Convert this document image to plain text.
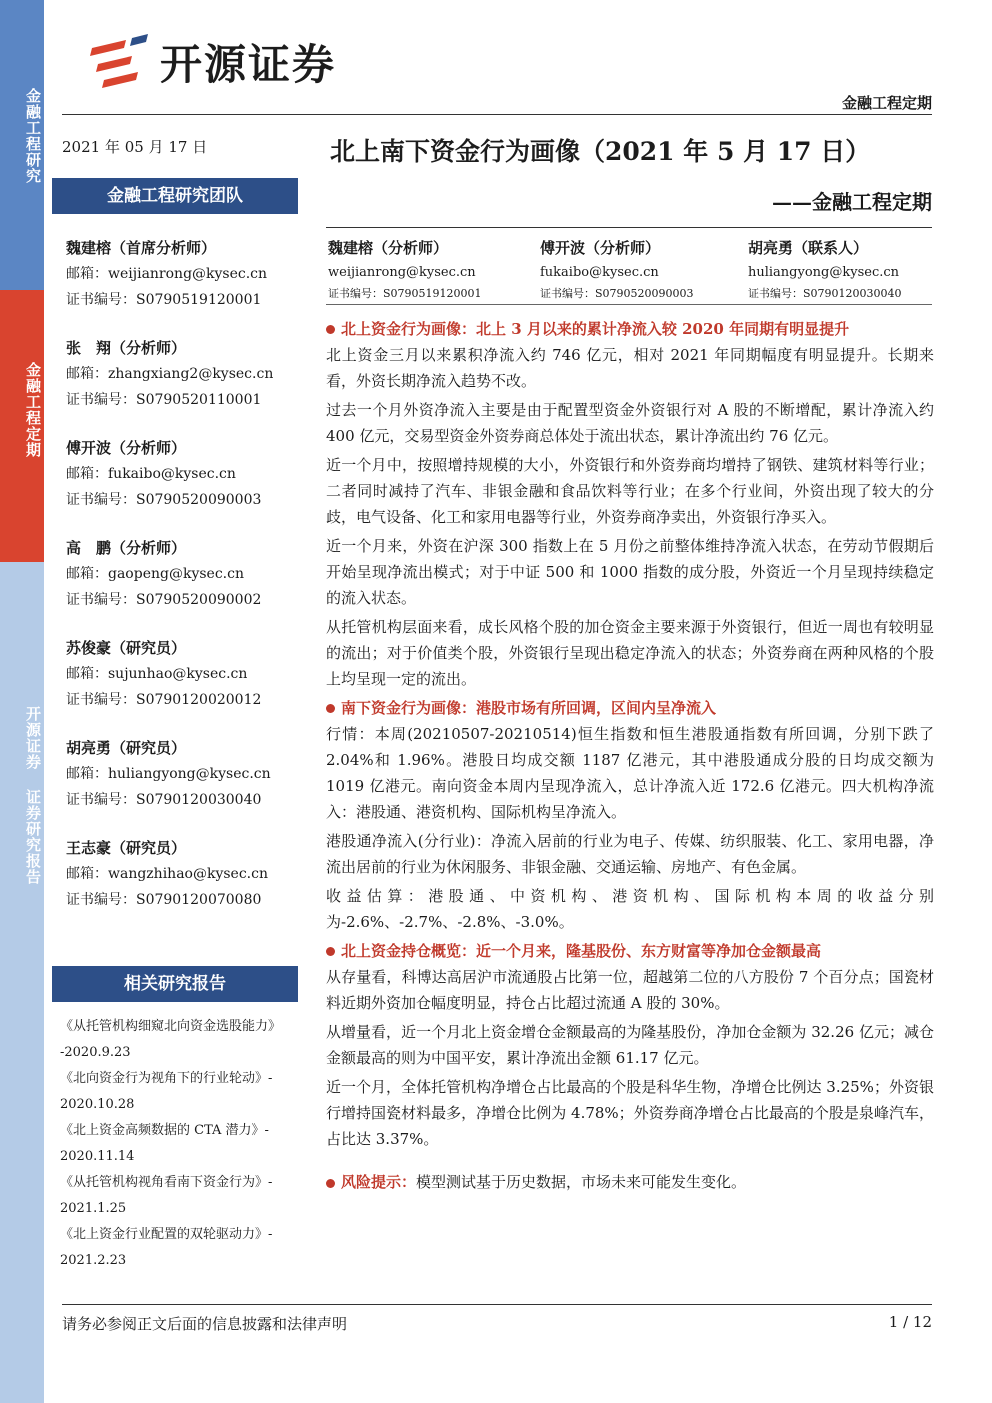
金融工程研究
金融工程定期
开源证券 证券研究报告
开源证券
金融工程定期
2021 年 05 月 17 日
金融工程研究团队
魏建榕（首席分析师）
邮箱：weijianrong@kysec.cn
证书编号：S0790519120001
张　翔（分析师）
邮箱：zhangxiang2@kysec.cn
证书编号：S0790520110001
傅开波（分析师）
邮箱：fukaibo@kysec.cn
证书编号：S0790520090003
高　鹏（分析师）
邮箱：gaopeng@kysec.cn
证书编号：S0790520090002
苏俊豪（研究员）
邮箱：sujunhao@kysec.cn
证书编号：S0790120020012
胡亮勇（研究员）
邮箱：huliangyong@kysec.cn
证书编号：S0790120030040
王志豪（研究员）
邮箱：wangzhihao@kysec.cn
证书编号：S0790120070080
相关研究报告
《从托管机构细窥北向资金选股能力》
-2020.9.23
《北向资金行为视角下的行业轮动》-
2020.10.28
《北上资金高频数据的 CTA 潜力》-
2020.11.14
《从托管机构视角看南下资金行为》-
2021.1.25
《北上资金行业配置的双轮驱动力》-
2021.2.23
北上南下资金行为画像（2021 年 5 月 17 日）
——金融工程定期
魏建榕（分析师）
weijianrong@kysec.cn
证书编号：S0790519120001
傅开波（分析师）
fukaibo@kysec.cn
证书编号：S0790520090003
胡亮勇（联系人）
huliangyong@kysec.cn
证书编号：S0790120030040
北上资金行为画像：北上 3 月以来的累计净流入较 2020 年同期有明显提升
北上资金三月以来累积净流入约 746 亿元，相对 2021 年同期幅度有明显提升。长期来看，外资长期净流入趋势不改。
过去一个月外资净流入主要是由于配置型资金外资银行对 A 股的不断增配，累计净流入约 400 亿元，交易型资金外资券商总体处于流出状态，累计净流出约 76 亿元。
近一个月中，按照增持规模的大小，外资银行和外资券商均增持了钢铁、建筑材料等行业；二者同时减持了汽车、非银金融和食品饮料等行业；在多个行业间，外资出现了较大的分歧，电气设备、化工和家用电器等行业，外资券商净卖出，外资银行净买入。
近一个月来，外资在沪深 300 指数上在 5 月份之前整体维持净流入状态，在劳动节假期后开始呈现净流出模式；对于中证 500 和 1000 指数的成分股，外资近一个月呈现持续稳定的流入状态。
从托管机构层面来看，成长风格个股的加仓资金主要来源于外资银行，但近一周也有较明显的流出；对于价值类个股，外资银行呈现出稳定净流入的状态；外资券商在两种风格的个股上均呈现一定的流出。
南下资金行为画像：港股市场有所回调，区间内呈净流入
行情：本周(20210507-20210514)恒生指数和恒生港股通指数有所回调，分别下跌了 2.04%和 1.96%。港股日均成交额 1187 亿港元，其中港股通成分股的日均成交额为 1019 亿港元。南向资金本周内呈现净流入，总计净流入近 172.6 亿港元。四大机构净流入：港股通、港资机构、国际机构呈净流入。
港股通净流入(分行业)：净流入居前的行业为电子、传媒、纺织服装、化工、家用电器，净流出居前的行业为休闲服务、非银金融、交通运输、房地产、有色金属。
收益估算：港股通、中资机构、港资机构、国际机构本周的收益分别为-2.6%、-2.7%、-2.8%、-3.0%。
北上资金持仓概览：近一个月来，隆基股份、东方财富等净加仓金额最高
从存量看，科博达高居沪市流通股占比第一位，超越第二位的八方股份 7 个百分点；国瓷材料近期外资加仓幅度明显，持仓占比超过流通 A 股的 30%。
从增量看，近一个月北上资金增仓金额最高的为隆基股份，净加仓金额为 32.26 亿元；减仓金额最高的则为中国平安，累计净流出金额 61.17 亿元。
近一个月，全体托管机构净增仓占比最高的个股是科华生物，净增仓比例达 3.25%；外资银行增持国瓷材料最多，净增仓比例为 4.78%；外资券商净增仓占比最高的个股是泉峰汽车，占比达 3.37%。
风险提示：模型测试基于历史数据，市场未来可能发生变化。
请务必参阅正文后面的信息披露和法律声明	1 / 12
